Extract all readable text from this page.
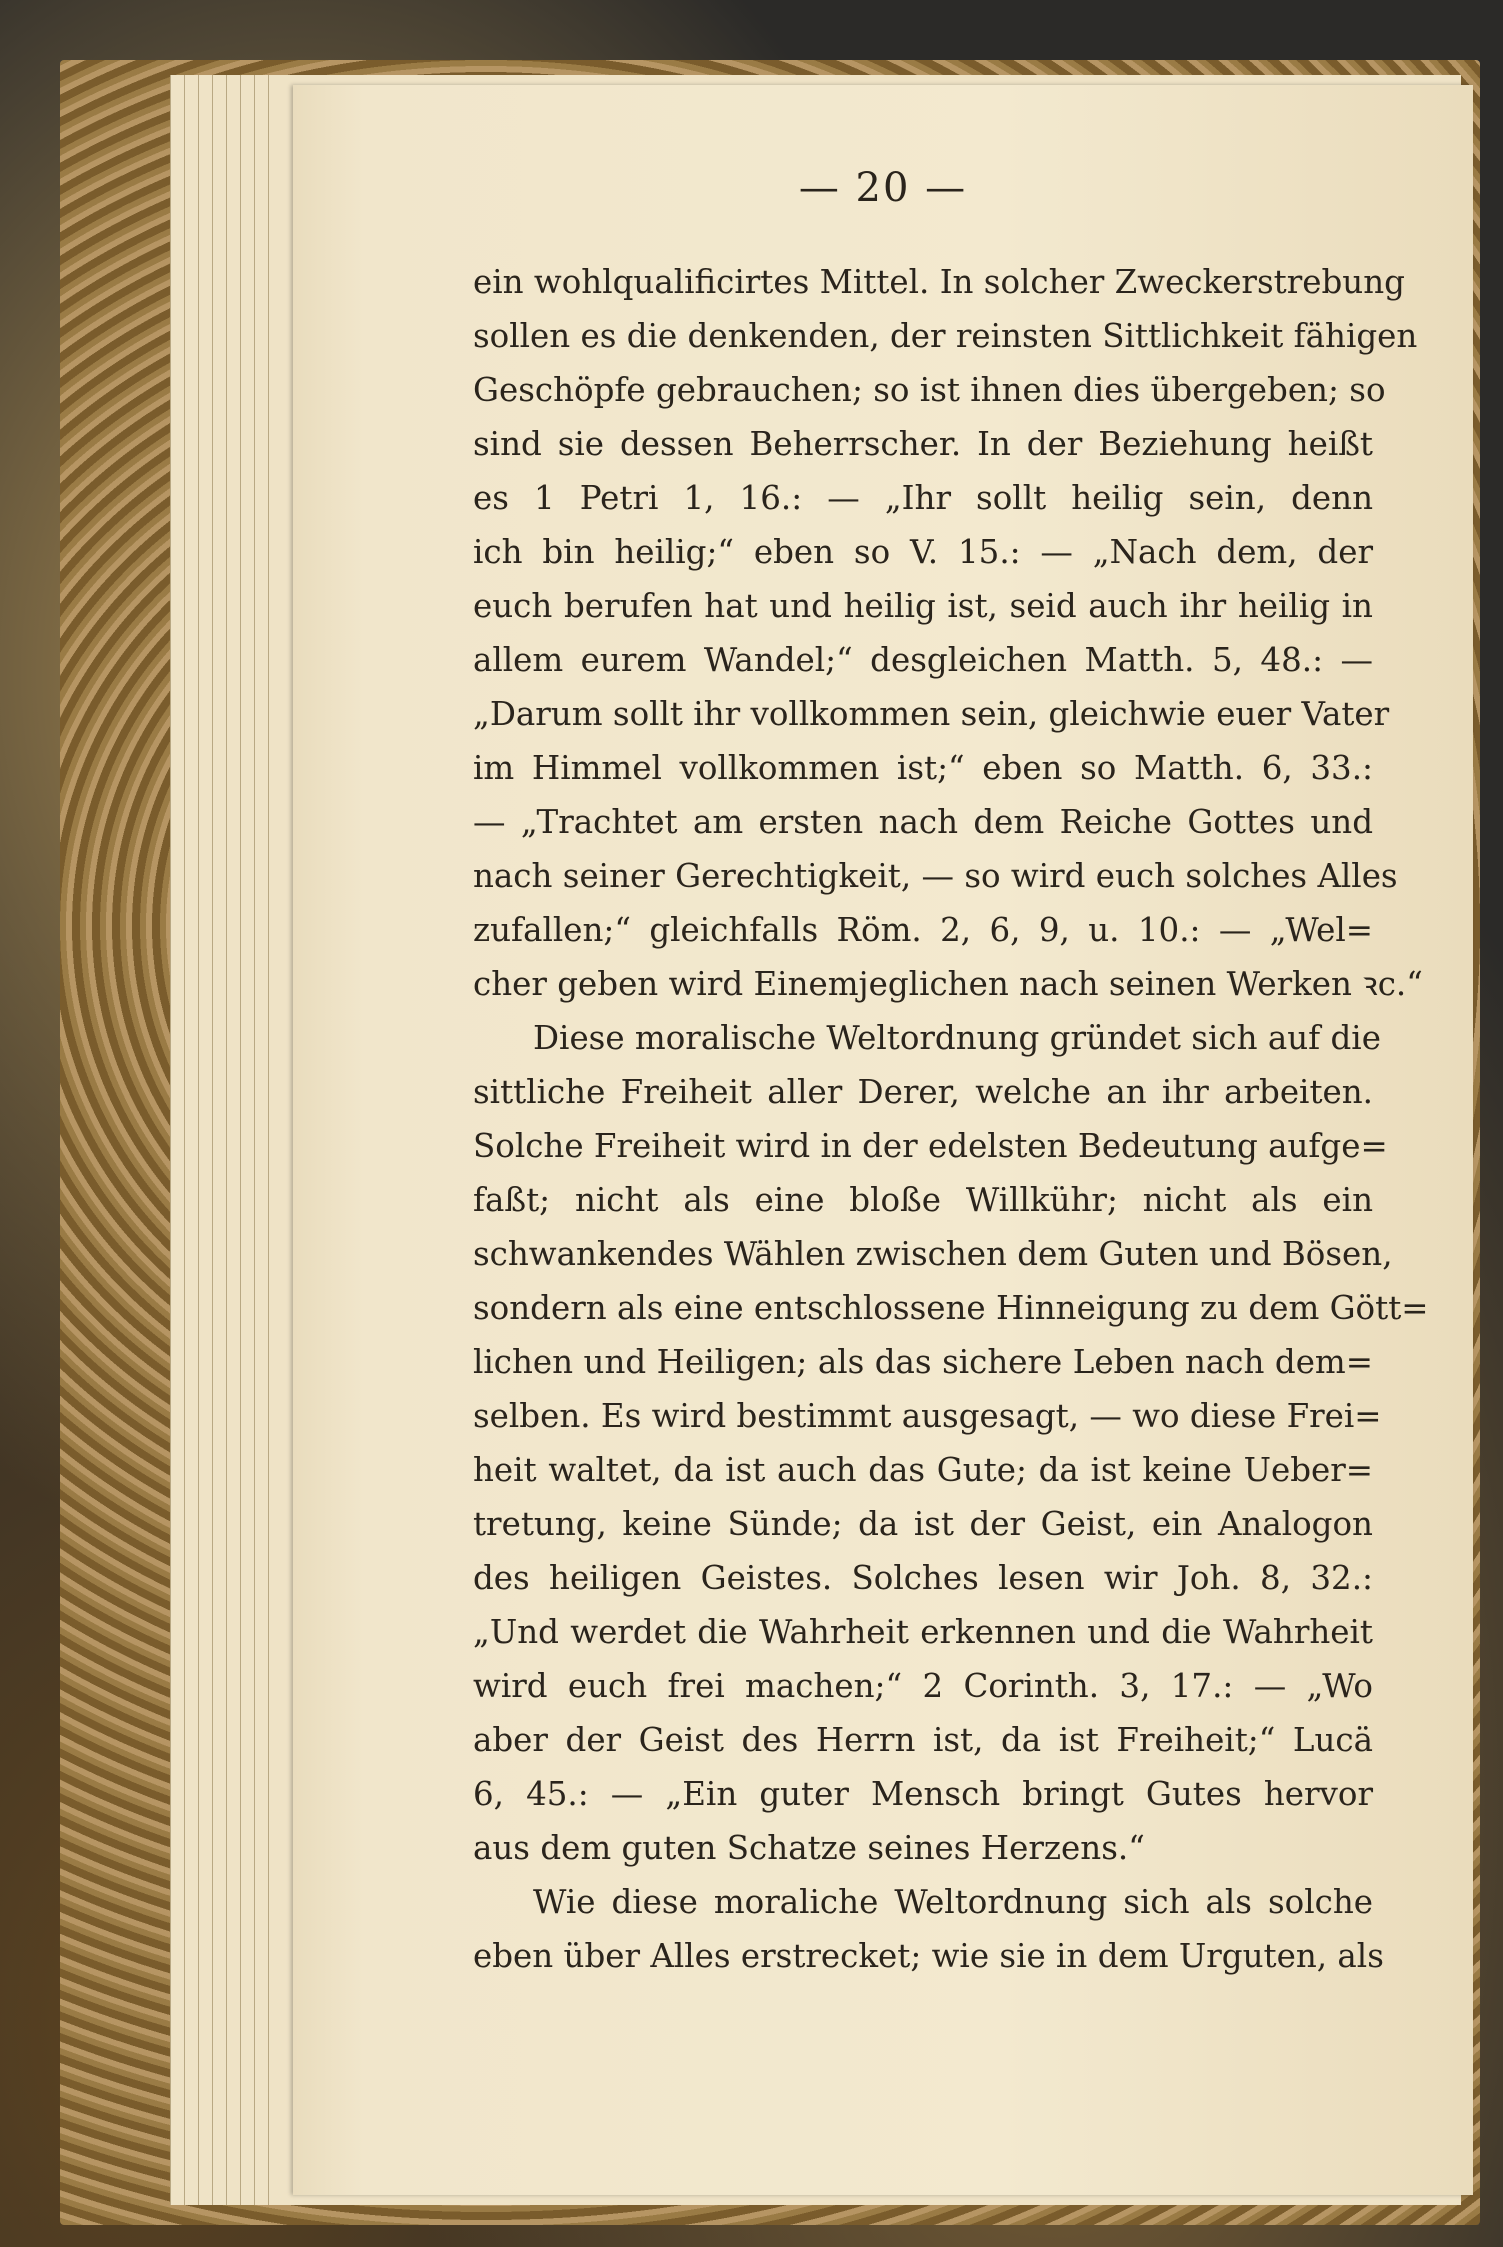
— 20 —
ein wohlqualificirtes Mittel. In solcher Zweckerstrebung
sollen es die denkenden, der reinsten Sittlichkeit fähigen
Geschöpfe gebrauchen; so ist ihnen dies übergeben; so
sind sie dessen Beherrscher. In der Beziehung heißt
es 1 Petri 1, 16.: — „Ihr sollt heilig sein, denn
ich bin heilig;“ eben so V. 15.: — „Nach dem, der
euch berufen hat und heilig ist, seid auch ihr heilig in
allem eurem Wandel;“ desgleichen Matth. 5, 48.: —
„Darum sollt ihr vollkommen sein, gleichwie euer Vater
im Himmel vollkommen ist;“ eben so Matth. 6, 33.:
— „Trachtet am ersten nach dem Reiche Gottes und
nach seiner Gerechtigkeit, — so wird euch solches Alles
zufallen;“ gleichfalls Röm. 2, 6, 9, u. 10.: — „Wel=
cher geben wird Einemjeglichen nach seinen Werken ꝛc.“
Diese moralische Weltordnung gründet sich auf die
sittliche Freiheit aller Derer, welche an ihr arbeiten.
Solche Freiheit wird in der edelsten Bedeutung aufge=
faßt; nicht als eine bloße Willkühr; nicht als ein
schwankendes Wählen zwischen dem Guten und Bösen,
sondern als eine entschlossene Hinneigung zu dem Gött=
lichen und Heiligen; als das sichere Leben nach dem=
selben. Es wird bestimmt ausgesagt, — wo diese Frei=
heit waltet, da ist auch das Gute; da ist keine Ueber=
tretung, keine Sünde; da ist der Geist, ein Analogon
des heiligen Geistes. Solches lesen wir Joh. 8, 32.:
„Und werdet die Wahrheit erkennen und die Wahrheit
wird euch frei machen;“ 2 Corinth. 3, 17.: — „Wo
aber der Geist des Herrn ist, da ist Freiheit;“ Lucä
6, 45.: — „Ein guter Mensch bringt Gutes hervor
aus dem guten Schatze seines Herzens.“
Wie diese moraliche Weltordnung sich als solche
eben über Alles erstrecket; wie sie in dem Urguten, als
